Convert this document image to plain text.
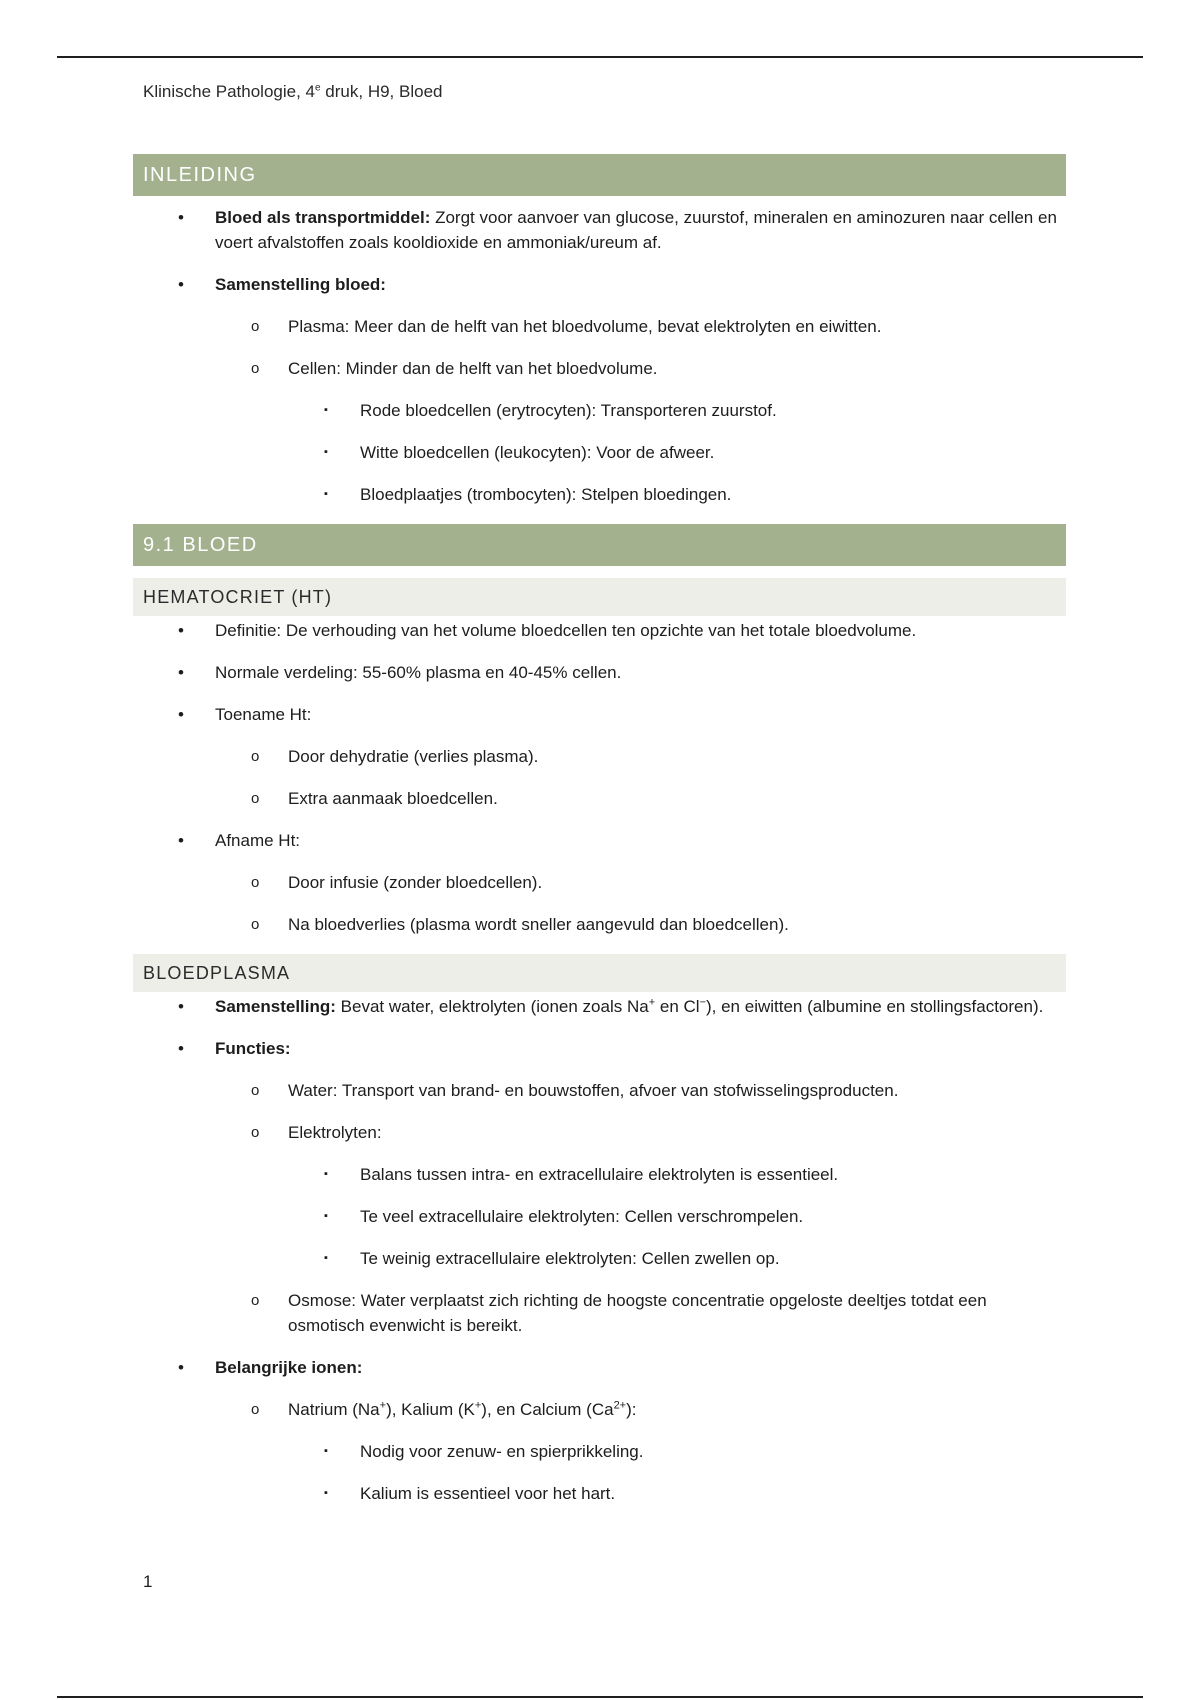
Klinische Pathologie, 4e druk, H9, Bloed
INLEIDING
• Bloed als transportmiddel: Zorgt voor aanvoer van glucose, zuurstof, mineralen en aminozuren naar cellen en voert afvalstoffen zoals kooldioxide en ammoniak/ureum af.
• Samenstelling bloed:
o Plasma: Meer dan de helft van het bloedvolume, bevat elektrolyten en eiwitten.
o Cellen: Minder dan de helft van het bloedvolume.
▪ Rode bloedcellen (erytrocyten): Transporteren zuurstof.
▪ Witte bloedcellen (leukocyten): Voor de afweer.
▪ Bloedplaatjes (trombocyten): Stelpen bloedingen.
9.1 BLOED
HEMATOCRIET (HT)
• Definitie: De verhouding van het volume bloedcellen ten opzichte van het totale bloedvolume.
• Normale verdeling: 55-60% plasma en 40-45% cellen.
• Toename Ht:
o Door dehydratie (verlies plasma).
o Extra aanmaak bloedcellen.
• Afname Ht:
o Door infusie (zonder bloedcellen).
o Na bloedverlies (plasma wordt sneller aangevuld dan bloedcellen).
BLOEDPLASMA
• Samenstelling: Bevat water, elektrolyten (ionen zoals Na+ en Cl−), en eiwitten (albumine en stollingsfactoren).
• Functies:
o Water: Transport van brand- en bouwstoffen, afvoer van stofwisselingsproducten.
o Elektrolyten:
▪ Balans tussen intra- en extracellulaire elektrolyten is essentieel.
▪ Te veel extracellulaire elektrolyten: Cellen verschrompelen.
▪ Te weinig extracellulaire elektrolyten: Cellen zwellen op.
o Osmose: Water verplaatst zich richting de hoogste concentratie opgeloste deeltjes totdat een osmotisch evenwicht is bereikt.
• Belangrijke ionen:
o Natrium (Na+), Kalium (K+), en Calcium $(Ca^{2+})$:
▪ Nodig voor zenuw- en spierprikkeling.
▪ Kalium is essentieel voor het hart.
1
